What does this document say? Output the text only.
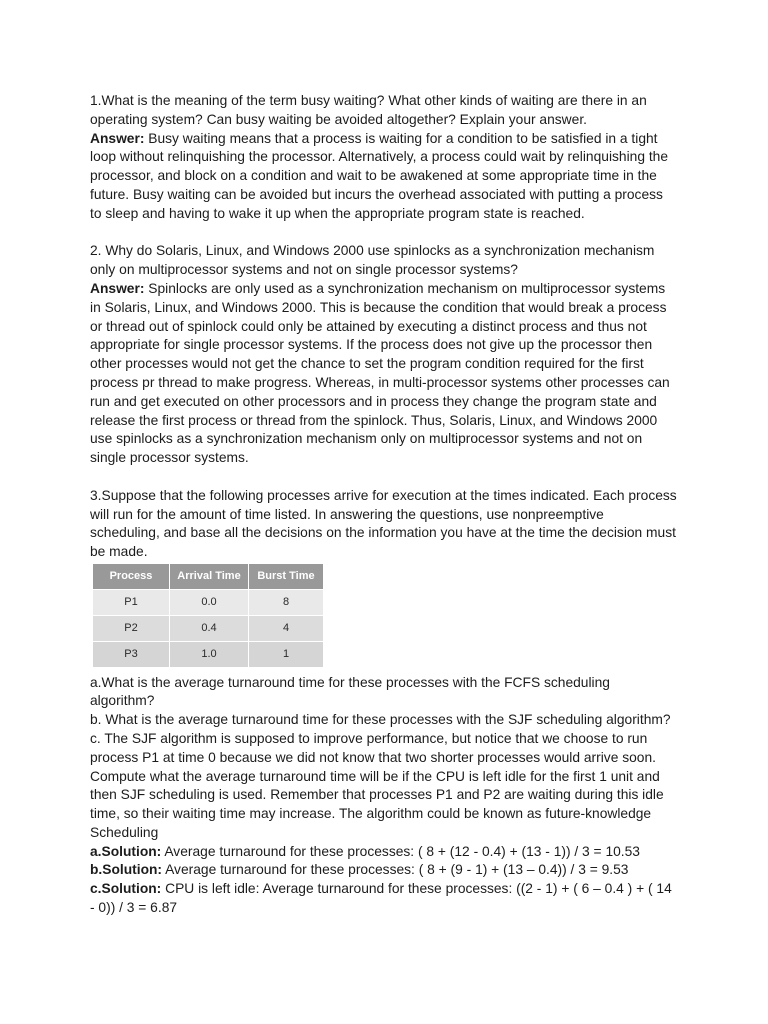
1.What is the meaning of the term busy waiting? What other kinds of waiting are there in an
operating system? Can busy waiting be avoided altogether? Explain your answer.

Answer: Busy waiting means that a process is waiting for a condition to be satisfied in a tight
loop without relinquishing the processor. Alternatively, a process could wait by relinquishing the
processor, and block on a condition and wait to be awakened at some appropriate time in the
future. Busy waiting can be avoided but incurs the overhead associated with putting a process
to sleep and having to wake it up when the appropriate program state is reached.

2. Why do Solaris, Linux, and Windows 2000 use spinlocks as a synchronization mechanism
only on multiprocessor systems and not on single processor systems?

Answer: Spinlocks are only used as a synchronization mechanism on multiprocessor systems
in Solaris, Linux, and Windows 2000. This is because the condition that would break a process
or thread out of spinlock could only be attained by executing a distinct process and thus not
appropriate for single processor systems. If the process does not give up the processor then
other processes would not get the chance to set the program condition required for the first
process pr thread to make progress. Whereas, in multi-processor systems other processes can
run and get executed on other processors and in process they change the program state and
release the first process or thread from the spinlock. Thus, Solaris, Linux, and Windows 2000
use spinlocks as a synchronization mechanism only on multiprocessor systems and not on
single processor systems.

3.Suppose that the following processes arrive for execution at the times indicated. Each process
will run for the amount of time listed. In answering the questions, use nonpreemptive
scheduling, and base all the decisions on the information you have at the time the decision must
be made.

Process	Arrival Time	Burst Time
P1	0.0	8
P2	0.4	4
P3	1.0	1

a.What is the average turnaround time for these processes with the FCFS scheduling
algorithm?

b. What is the average turnaround time for these processes with the SJF scheduling algorithm?

c. The SJF algorithm is supposed to improve performance, but notice that we choose to run
process P1 at time 0 because we did not know that two shorter processes would arrive soon.
Compute what the average turnaround time will be if the CPU is left idle for the first 1 unit and
then SJF scheduling is used. Remember that processes P1 and P2 are waiting during this idle
time, so their waiting time may increase. The algorithm could be known as future-knowledge
Scheduling

a.Solution: Average turnaround for these processes: ( 8 + (12 - 0.4) + (13 - 1)) / 3 = 10.53

b.Solution: Average turnaround for these processes: ( 8 + (9 - 1) + (13 – 0.4)) / 3 = 9.53

c.Solution: CPU is left idle: Average turnaround for these processes: ((2 - 1) + ( 6 – 0.4 ) + ( 14
- 0)) / 3 = 6.87
